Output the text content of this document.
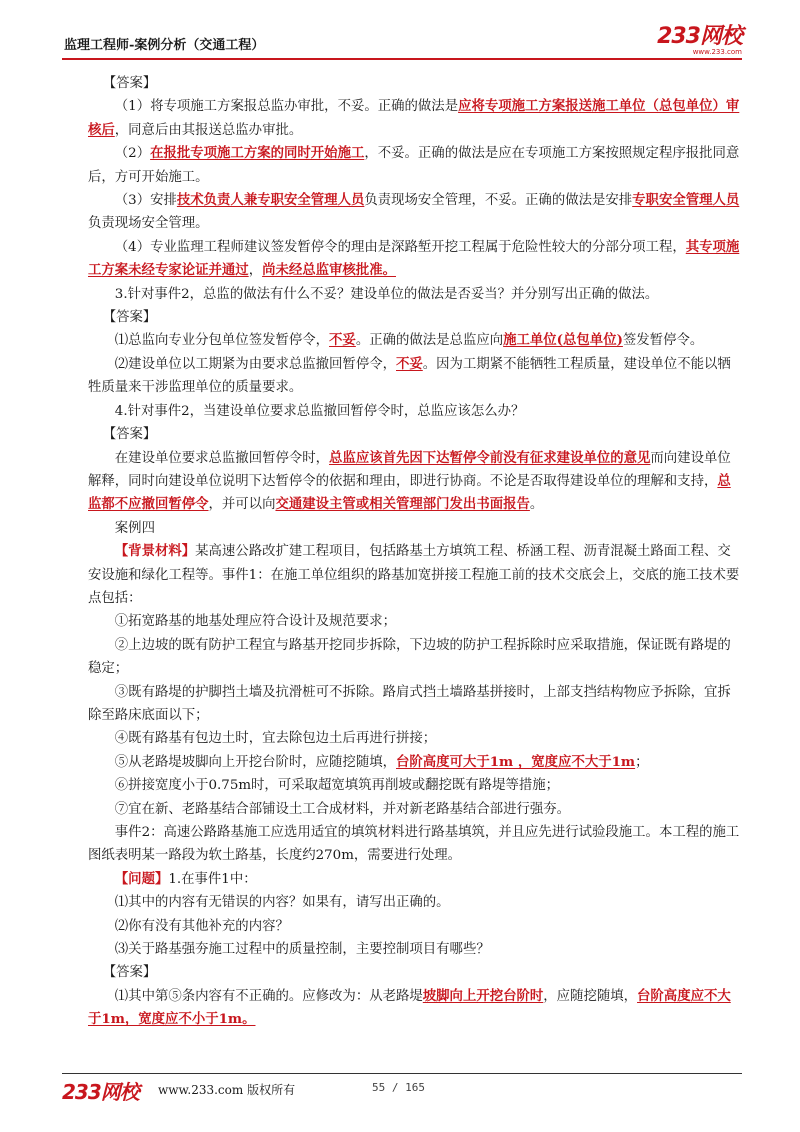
监理工程师-案例分析（交通工程）	233网校
www.233.com

【答案】

（1）将专项施工方案报总监办审批，不妥。正确的做法是应将专项施工方案报送施工单位（总包单位）审核后，同意后由其报送总监办审批。

（2）在报批专项施工方案的同时开始施工，不妥。正确的做法是应在专项施工方案按照规定程序报批同意后，方可开始施工。

（3）安排技术负责人兼专职安全管理人员负责现场安全管理，不妥。正确的做法是安排专职安全管理人员负责现场安全管理。

（4）专业监理工程师建议签发暂停令的理由是深路堑开挖工程属于危险性较大的分部分项工程，其专项施工方案未经专家论证并通过，尚未经总监审核批准。

3.针对事件2，总监的做法有什么不妥？建设单位的做法是否妥当？并分别写出正确的做法。

【答案】

⑴总监向专业分包单位签发暂停令，不妥。正确的做法是总监应向施工单位(总包单位)签发暂停令。

⑵建设单位以工期紧为由要求总监撤回暂停令，不妥。因为工期紧不能牺牲工程质量，建设单位不能以牺牲质量来干涉监理单位的质量要求。

4.针对事件2，当建设单位要求总监撤回暂停令时，总监应该怎么办？

【答案】

在建设单位要求总监撤回暂停令时，总监应该首先因下达暂停令前没有征求建设单位的意见而向建设单位解释，同时向建设单位说明下达暂停令的依据和理由，即进行协商。不论是否取得建设单位的理解和支持，总监都不应撤回暂停令，并可以向交通建设主管或相关管理部门发出书面报告。

案例四

【背景材料】某高速公路改扩建工程项目，包括路基土方填筑工程、桥涵工程、沥青混凝土路面工程、交安设施和绿化工程等。事件1：在施工单位组织的路基加宽拼接工程施工前的技术交底会上，交底的施工技术要点包括：

①拓宽路基的地基处理应符合设计及规范要求；

②上边坡的既有防护工程宜与路基开挖同步拆除，下边坡的防护工程拆除时应采取措施，保证既有路堤的稳定；

③既有路堤的护脚挡土墙及抗滑桩可不拆除。路肩式挡土墙路基拼接时，上部支挡结构物应予拆除，宜拆除至路床底面以下；

④既有路基有包边土时，宜去除包边土后再进行拼接；

⑤从老路堤坡脚向上开挖台阶时，应随挖随填，台阶高度可大于1m ，宽度应不大于1m；

⑥拼接宽度小于0.75m时，可采取超宽填筑再削坡或翻挖既有路堤等措施；

⑦宜在新、老路基结合部铺设土工合成材料，并对新老路基结合部进行强夯。

事件2：高速公路路基施工应选用适宜的填筑材料进行路基填筑，并且应先进行试验段施工。本工程的施工图纸表明某一路段为软土路基，长度约270m，需要进行处理。

【问题】1.在事件1中：

⑴其中的内容有无错误的内容？如果有，请写出正确的。

⑵你有没有其他补充的内容？

⑶关于路基强夯施工过程中的质量控制，主要控制项目有哪些？

【答案】

⑴其中第⑤条内容有不正确的。应修改为：从老路堤坡脚向上开挖台阶时，应随挖随填，台阶高度应不大于1m，宽度应不小于1m。

233网校 www.233.com 版权所有	55 / 165
